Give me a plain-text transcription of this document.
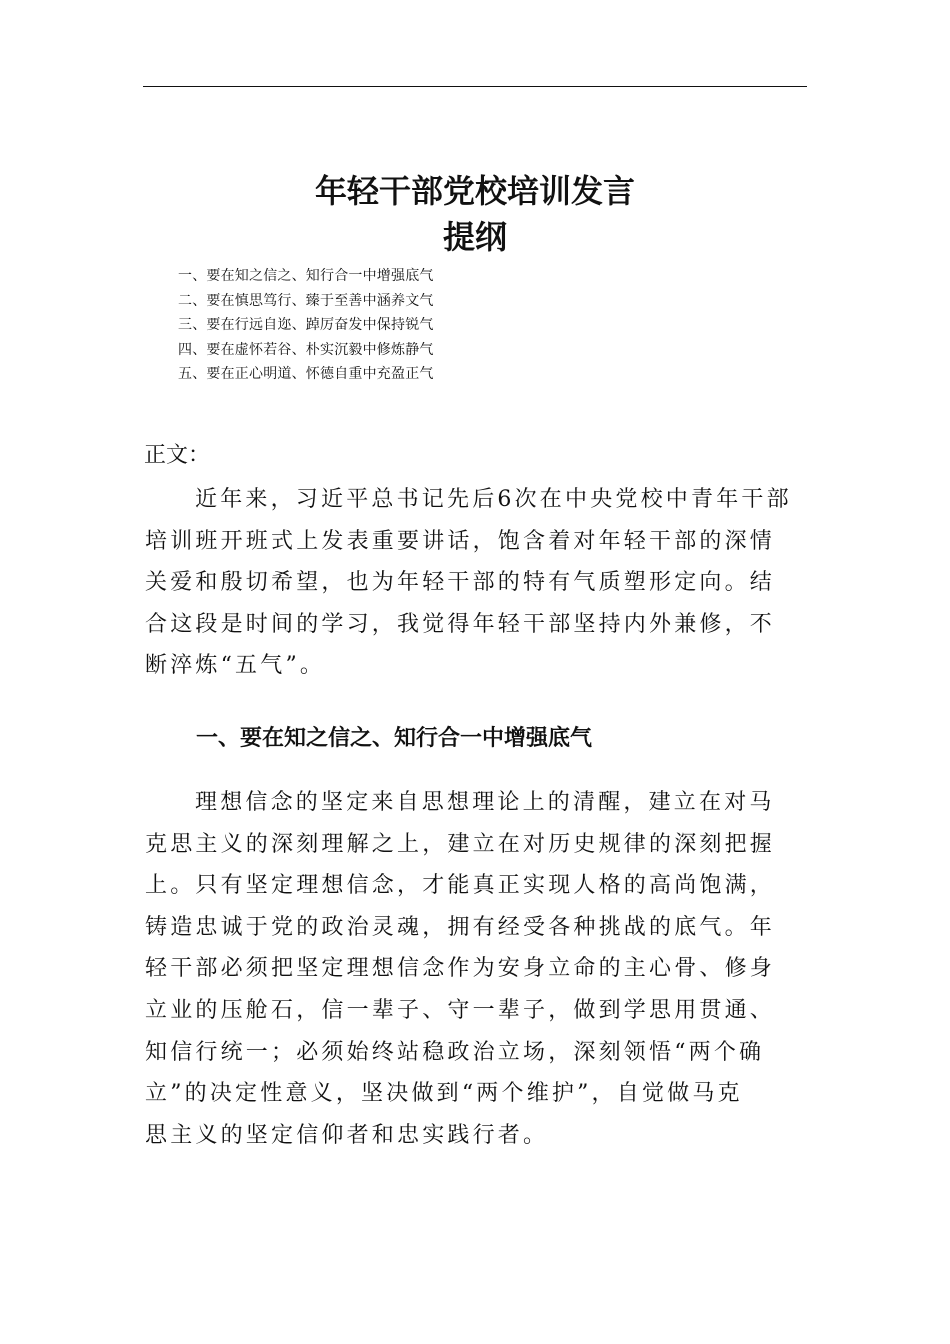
年轻干部党校培训发言
提纲
一、要在知之信之、知行合一中增强底气
二、要在慎思笃行、臻于至善中涵养文气
三、要在行远自迩、踔厉奋发中保持锐气
四、要在虚怀若谷、朴实沉毅中修炼静气
五、要在正心明道、怀德自重中充盈正气
正文：
近年来，习近平总书记先后6次在中央党校中青年干部
培训班开班式上发表重要讲话，饱含着对年轻干部的深情
关爱和殷切希望，也为年轻干部的特有气质塑形定向。结
合这段是时间的学习，我觉得年轻干部坚持内外兼修，不
断淬炼“五气”。
一、要在知之信之、知行合一中增强底气
理想信念的坚定来自思想理论上的清醒，建立在对马
克思主义的深刻理解之上，建立在对历史规律的深刻把握
上。只有坚定理想信念，才能真正实现人格的高尚饱满，
铸造忠诚于党的政治灵魂，拥有经受各种挑战的底气。年
轻干部必须把坚定理想信念作为安身立命的主心骨、修身
立业的压舱石，信一辈子、守一辈子，做到学思用贯通、
知信行统一；必须始终站稳政治立场，深刻领悟“两个确
立”的决定性意义，坚决做到“两个维护”，自觉做马克
思主义的坚定信仰者和忠实践行者。
